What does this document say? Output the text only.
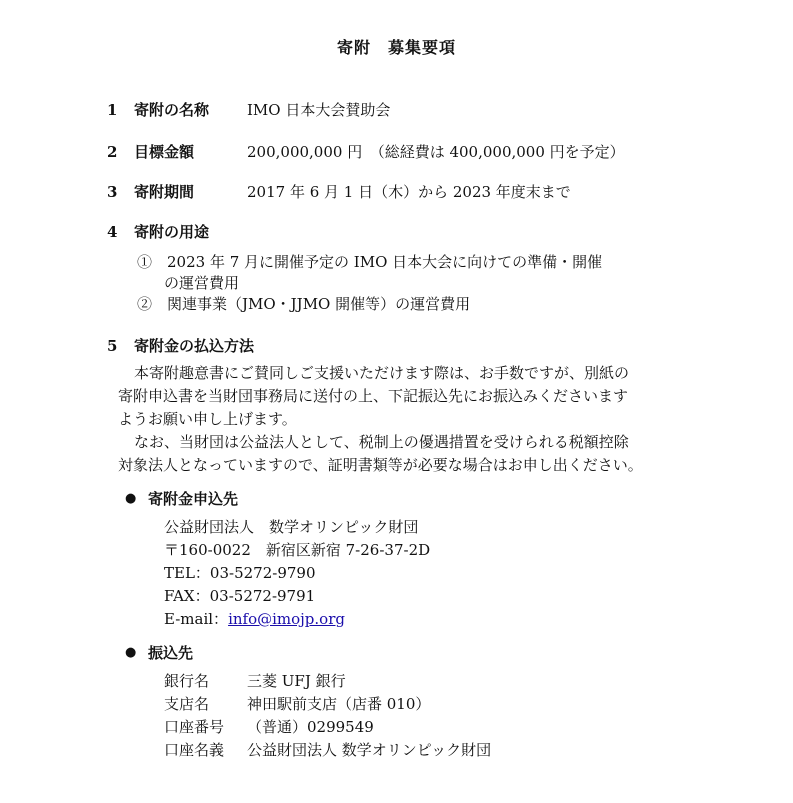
寄附　募集要項
1 寄附の名称	IMO 日本大会賛助会
2 目標金額	200,000,000 円　（総経費は 400,000,000 円を予定）
3 寄附期間	2017 年 6 月 1 日（木）から 2023 年度末まで
4 寄附の用途
①　2023 年 7 月に開催予定の IMO 日本大会に向けての準備・開催
の運営費用
②　関連事業（JMO・JJMO 開催等）の運営費用
5 寄附金の払込方法
本寄附趣意書にご賛同しご支援いただけます際は、お手数ですが、別紙の
寄附申込書を当財団事務局に送付の上、下記振込先にお振込みくださいます
ようお願い申し上げます。
なお、当財団は公益法人として、税制上の優遇措置を受けられる税額控除
対象法人となっていますので、証明書類等が必要な場合はお申し出ください。
● 寄附金申込先
公益財団法人　数学オリンピック財団
〒160-0022　新宿区新宿 7-26-37-2D
TEL：03-5272-9790
FAX：03-5272-9791
E-mail：info@imojp.org
● 振込先
銀行名	三菱 UFJ 銀行
支店名	神田駅前支店（店番 010）
口座番号 （普通）0299549
口座名義 公益財団法人 数学オリンピック財団
